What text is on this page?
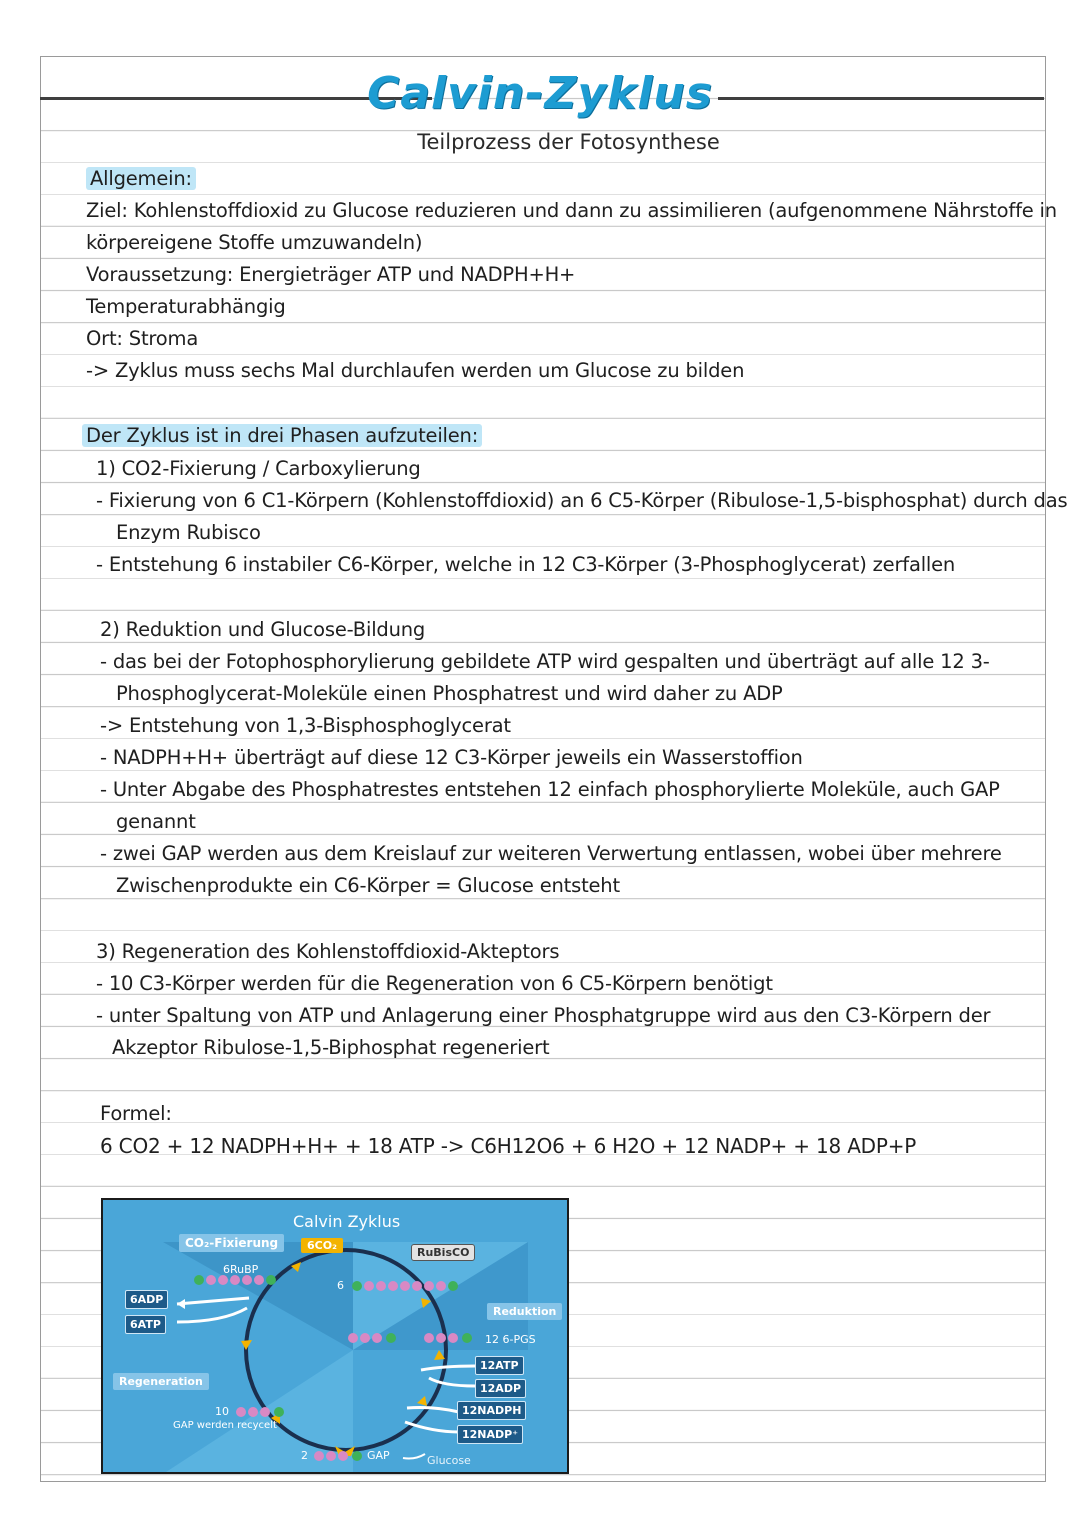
Calvin-Zyklus
Teilprozess der Fotosynthese
Allgemein:
Ziel: Kohlenstoffdioxid zu Glucose reduzieren und dann zu assimilieren (aufgenommene Nährstoffe in
körpereigene Stoffe umzuwandeln)
Voraussetzung: Energieträger ATP und NADPH+H+
Temperaturabhängig
Ort: Stroma
-> Zyklus muss sechs Mal durchlaufen werden um Glucose zu bilden
Der Zyklus ist in drei Phasen aufzuteilen:
1) CO2-Fixierung / Carboxylierung
- Fixierung von 6 C1-Körpern (Kohlenstoffdioxid) an 6 C5-Körper (Ribulose-1,5-bisphosphat) durch das
Enzym Rubisco
- Entstehung 6 instabiler C6-Körper, welche in 12 C3-Körper (3-Phosphoglycerat) zerfallen
2) Reduktion und Glucose-Bildung
- das bei der Fotophosphorylierung gebildete ATP wird gespalten und überträgt auf alle 12 3-
Phosphoglycerat-Moleküle einen Phosphatrest und wird daher zu ADP
-> Entstehung von 1,3-Bisphosphoglycerat
- NADPH+H+ überträgt auf diese 12 C3-Körper jeweils ein Wasserstoffion
- Unter Abgabe des Phosphatrestes entstehen 12 einfach phosphorylierte Moleküle, auch GAP
genannt
- zwei GAP werden aus dem Kreislauf zur weiteren Verwertung entlassen, wobei über mehrere
Zwischenprodukte ein C6-Körper = Glucose entsteht
3) Regeneration des Kohlenstoffdioxid-Akteptors
- 10 C3-Körper werden für die Regeneration von 6 C5-Körpern benötigt
- unter Spaltung von ATP und Anlagerung einer Phosphatgruppe wird aus den C3-Körpern der
Akzeptor Ribulose-1,5-Biphosphat regeneriert
Formel:
6 CO2 + 12 NADPH+H+ + 18 ATP -> C6H12O6 + 6 H2O + 12 NADP+ + 18 ADP+P
Calvin Zyklus
CO₂-Fixierung	6CO₂
RuBisCO
6RuBP
6
6ADP
6ATP
Reduktion
12 6-PGS
12ATP
12ADP
Regeneration
12NADPH
12NADP⁺
10
GAP werden recycelt
2	GAP	Glucose
